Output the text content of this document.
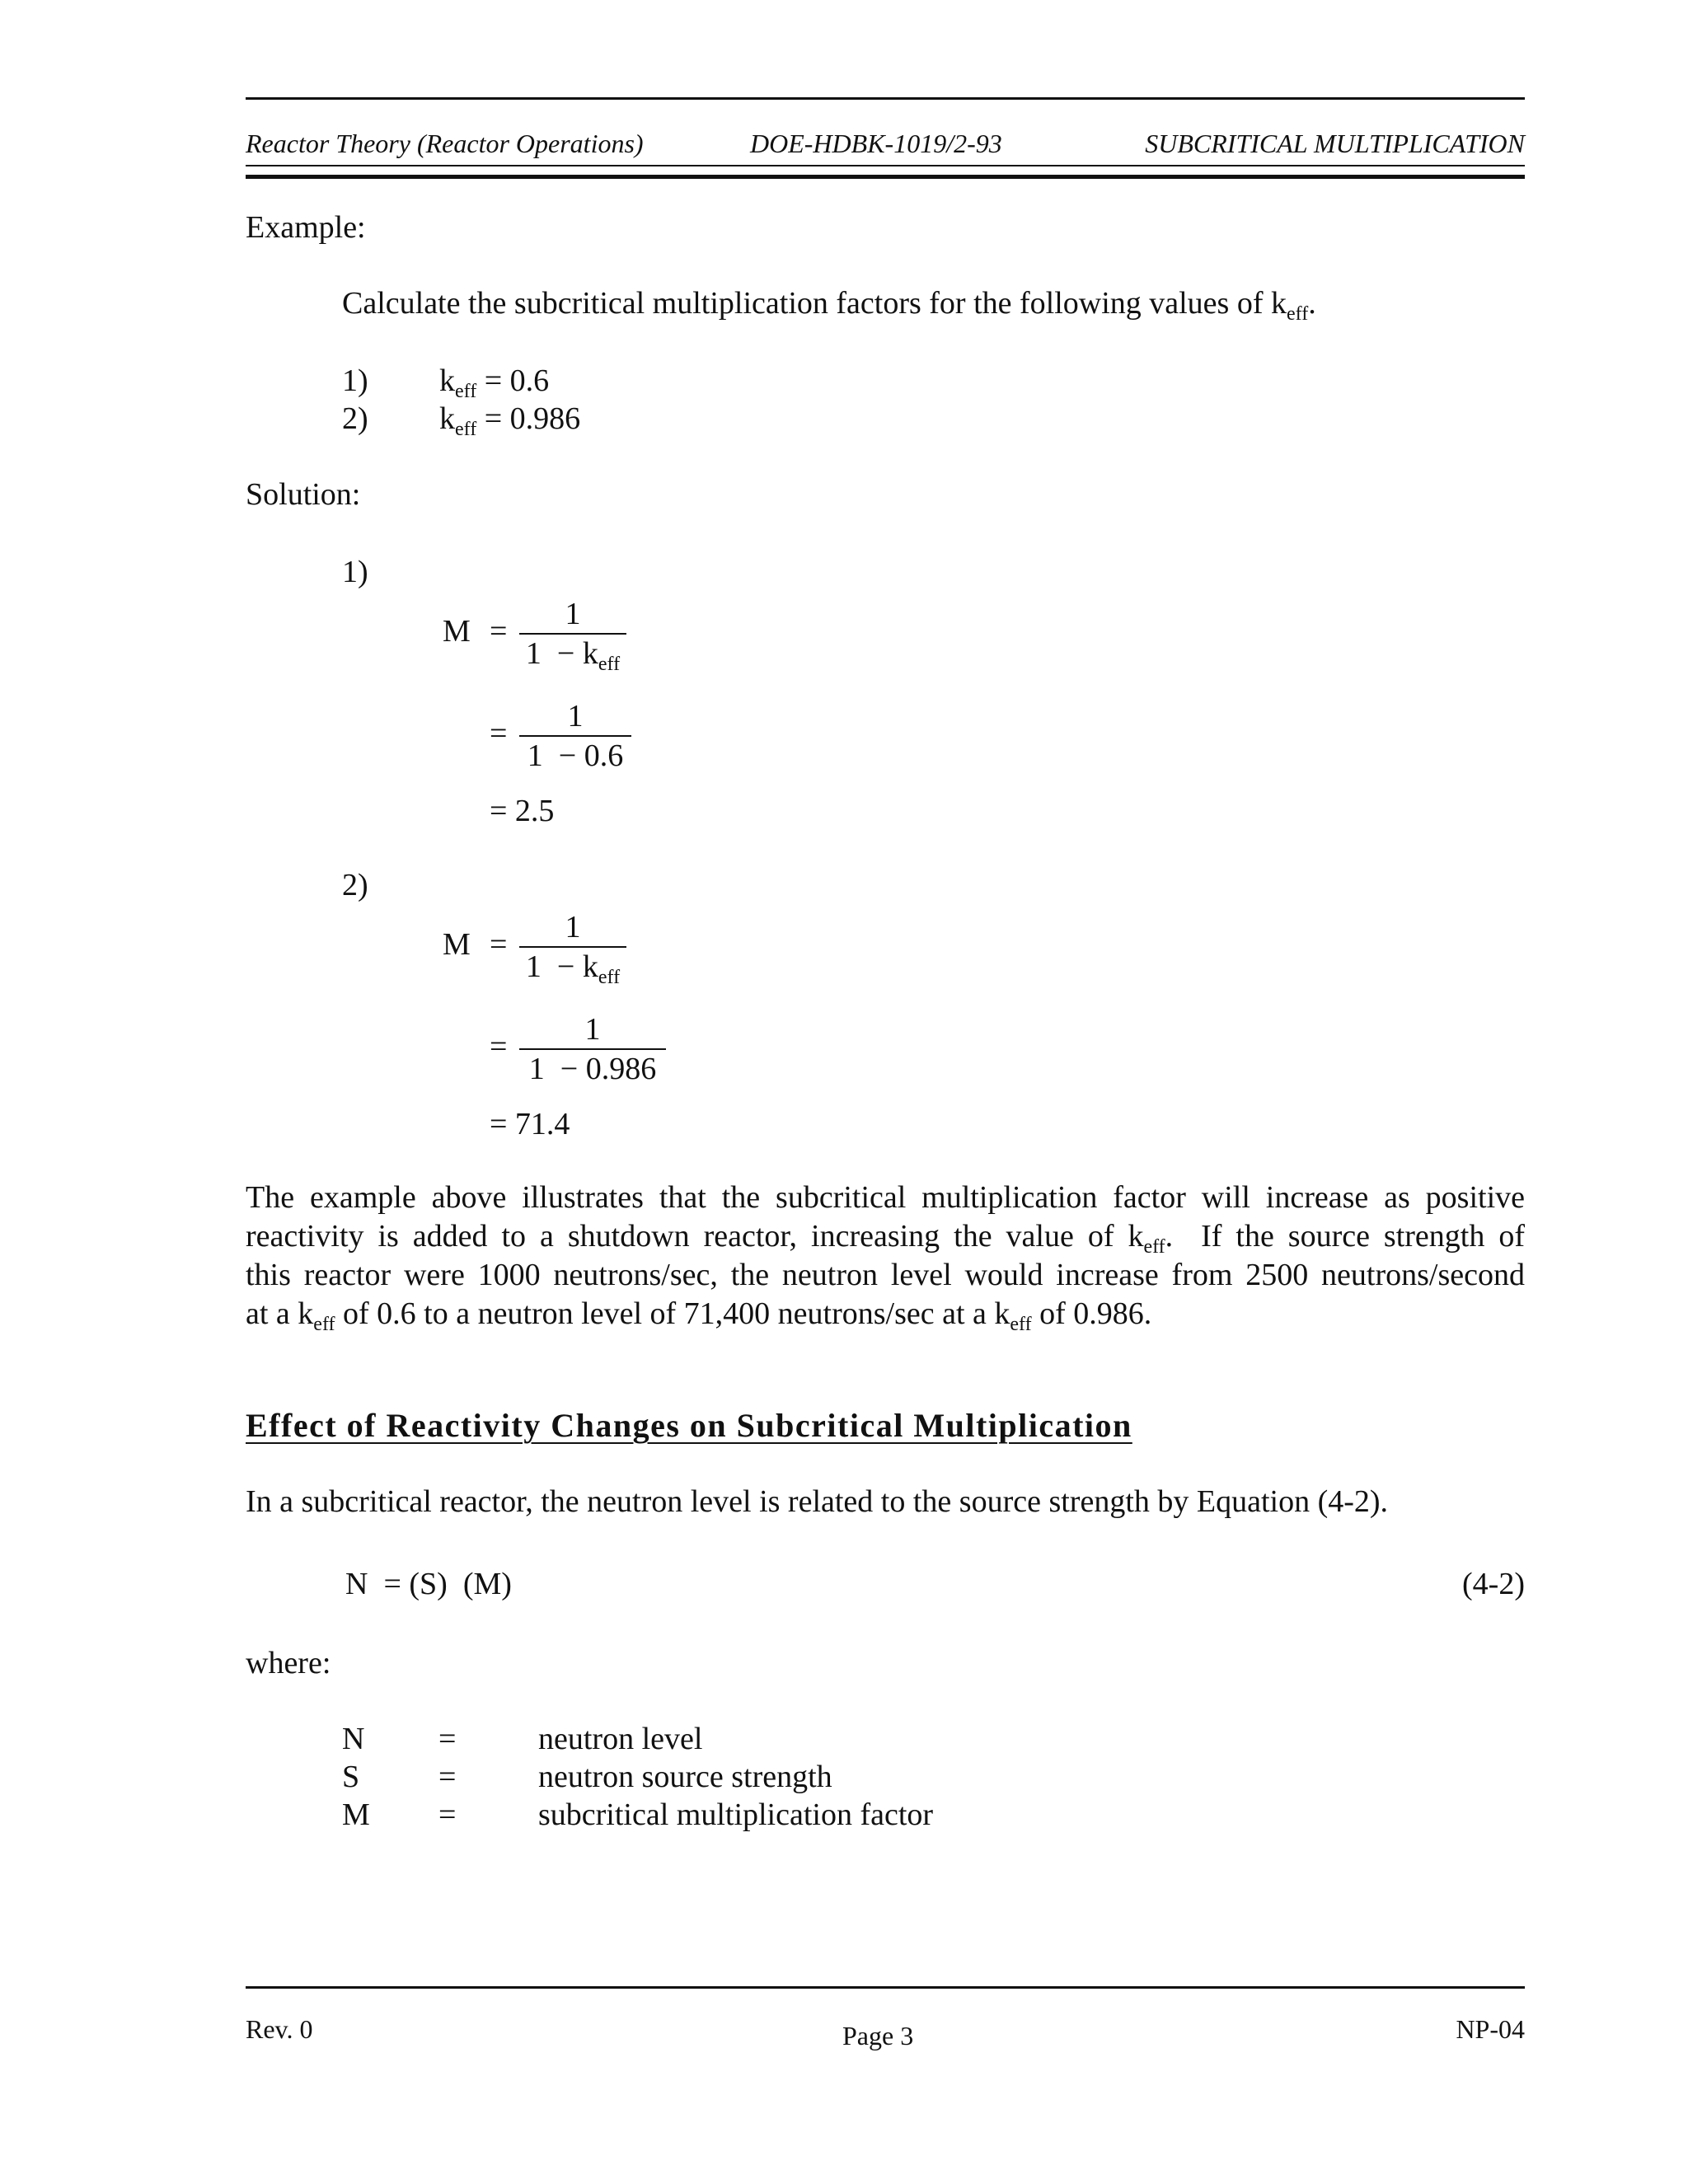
Reactor Theory (Reactor Operations)	DOE-HDBK-1019/2-93	SUBCRITICAL MULTIPLICATION
Example:
Calculate the subcritical multiplication factors for the following values of $k_{eff}$.
1) $k_{eff} = 0.6$
2) $k_{eff} = 0.986$
Solution:
1)
M =	1
$1 - k_{eff}$
=	1
1  − 0.6
= 2.5
2)
M =	1
$1 - k_{eff}$
=	1
1  − 0.986
= 71.4
The example above illustrates that the subcritical multiplication factor will increase as positive
reactivity is added to a shutdown reactor, increasing the value of $k_{eff}$.  If the source strength of
this reactor were 1000 neutrons/sec, the neutron level would increase from 2500 neutrons/second
at a $k_{eff}$ of 0.6 to a neutron level of 71,400 neutrons/sec at a $k_{eff}$ of 0.986.
Effect of Reactivity Changes on Subcritical Multiplication
In a subcritical reactor, the neutron level is related to the source strength by Equation (4-2).
N  = (S)  (M)	(4-2)
where:
N =	neutron level
S	=	neutron source strength
M =	subcritical multiplication factor
Rev. 0	Page 3	NP-04
